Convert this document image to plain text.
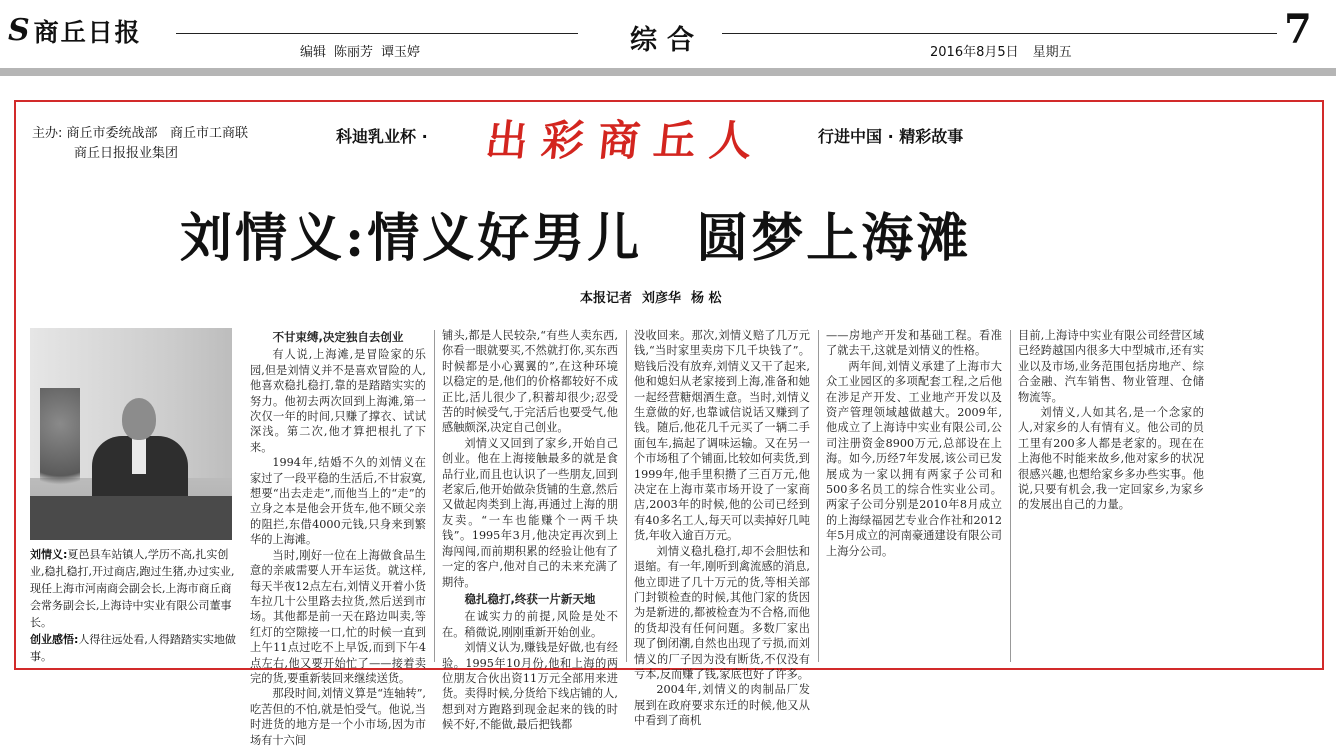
S 商丘日报
编辑 陈丽芳 谭玉婷	综合	2016年8月5日 星期五	7
主办: 商丘市委统战部 商丘市工商联
商丘日报报业集团
科迪乳业杯 · 出彩商丘人	行进中国 · 精彩故事
刘情义:情义好男儿 圆梦上海滩
本报记者 刘彦华 杨 松
刘情义:夏邑县车站镇人,学历不高,扎实创业,稳扎稳打,开过商店,跑过生猪,办过实业,现任上海市河南商会副会长,上海市商丘商会常务副会长,上海诗中实业有限公司董事长。
创业感悟:人得往远处看,人得踏踏实实地做事。
不甘束缚,决定独自去创业

有人说,上海滩,是冒险家的乐园,但是刘情义并不是喜欢冒险的人,他喜欢稳扎稳打,靠的是踏踏实实的努力。他初去两次回到上海滩,第一次仅一年的时间,只赚了撑衣、试试深浅。第二次,他才算把根扎了下来。

1994年,结婚不久的刘情义在家过了一段平稳的生活后,不甘寂寞,想要“出去走走”,而他当上的“走”的立身之本是他会开货车,他不顾父亲的阻拦,东借4000元钱,只身来到繁华的上海滩。

当时,刚好一位在上海做食品生意的亲戚需要人开车运货。就这样,每天半夜12点左右,刘情义开着小货车拉几十公里路去拉货,然后送到市场。其他都是前一天在路边叫卖,等红灯的空隙接一口,忙的时候一直到上午11点过吃不上早饭,而到下午4点左右,他又要开始忙了——接着卖完的货,要重新装回来继续送货。

那段时间,刘情义算是“连轴转”,吃苦但的不怕,就是怕受气。他说,当时进货的地方是一个小市场,因为市场有十六间

铺头,都是人民较杂,“有些人卖东西,你看一眼就要买,不然就打你,买东西时候都是小心翼翼的”,在这种环境以稳定的是,他们的价格都较好不成正比,活儿很少了,积蓄却很少;忍受苦的时候受气,于完活后也要受气,他感触颇深,决定自己创业。

刘情义又回到了家乡,开始自己创业。他在上海接触最多的就是食品行业,而且也认识了一些朋友,回到老家后,他开始做杂货铺的生意,然后又做起肉类到上海,再通过上海的朋友卖。“一车也能赚个一两千块钱”。1995年3月,他决定再次到上海闯闯,而前期积累的经验让他有了一定的客户,他对自己的未来充满了期待。

稳扎稳打,终获一片新天地

在诚实力的前提,风险是处不在。稍微说,刚刚重新开始创业。

刘情义认为,赚钱是好做,也有经验。1995年10月份,他和上海的两位朋友合伙出资11万元全部用来进货。卖得时候,分货给下线店铺的人,想到对方跑路到现金起来的钱的时候不好,不能做,最后把钱都

没收回来。那次,刘情义赔了几万元钱,“当时家里卖房下几千块钱了”。赔钱后没有放弃,刘情义又干了起来,他和媳妇从老家接到上海,准备和她一起经营糖烟酒生意。当时,刘情义生意做的好,也靠诚信说话又赚到了钱。随后,他花几千元买了一辆二手面包车,搞起了调味运输。又在另一个市场租了个铺面,比较如何卖货,到1999年,他手里积攒了三百万元,他决定在上海市菜市场开设了一家商店,2003年的时候,他的公司已经到有40多名工人,每天可以卖掉好几吨货,年收入逾百万元。

刘情义稳扎稳打,却不会胆怯和退缩。有一年,刚听到禽流感的消息,他立即进了几十万元的货,等相关部门封锁检查的时候,其他门家的货因为是新进的,都被检查为不合格,而他的货却没有任何问题。多数厂家出现了倒闭潮,自然也出现了亏损,而刘情义的厂子因为没有断货,不仅没有亏本,反而赚了钱,家底也好了许多。

2004年,刘情义的肉制品厂发展到在政府要求东迁的时候,他又从中看到了商机

——房地产开发和基础工程。看准了就去干,这就是刘情义的性格。

两年间,刘情义承建了上海市大众工业园区的多项配套工程,之后他在涉足产开发、工业地产开发以及资产管理领域越做越大。2009年,他成立了上海诗中实业有限公司,公司注册资金8900万元,总部设在上海。如今,历经7年发展,该公司已发展成为一家以拥有两家子公司和500多名员工的综合性实业公司。两家子公司分别是2010年8月成立的上海绿福园艺专业合作社和2012年5月成立的河南豪通建设有限公司上海分公司。

目前,上海诗中实业有限公司经营区域已经跨越国内很多大中型城市,还有实业以及市场,业务范围包括房地产、综合金融、汽车销售、物业管理、仓储物流等。

刘情义,人如其名,是一个念家的人,对家乡的人有情有义。他公司的员工里有200多人都是老家的。现在在上海他不时能来故乡,他对家乡的状况很感兴趣,也想给家乡多办些实事。他说,只要有机会,我一定回家乡,为家乡的发展出自己的力量。
